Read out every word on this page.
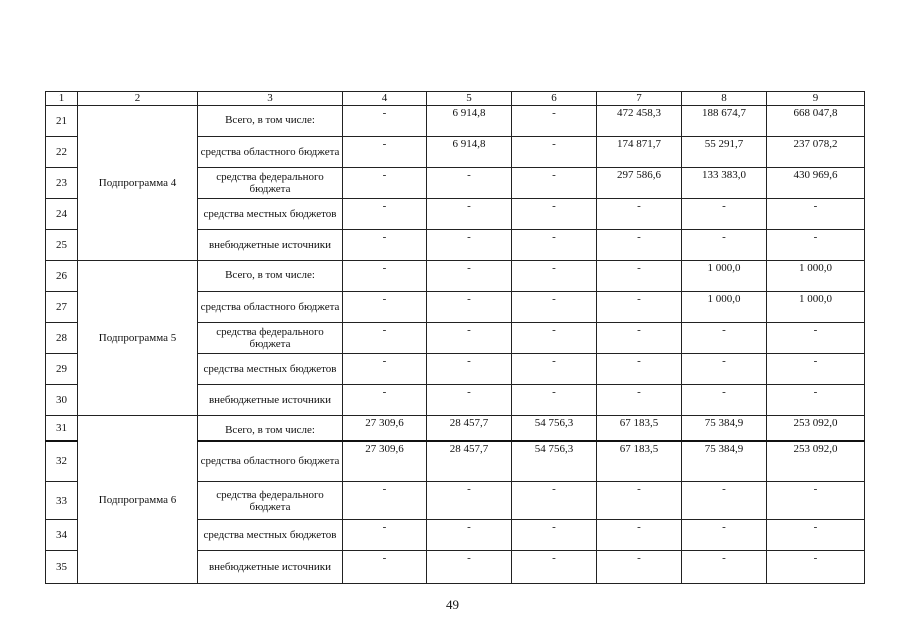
1	2	3	4	5	6	7	8	9
21	Подпрограмма 4	Всего, в том числе:	-	6 914,8	-	472 458,3	188 674,7	668 047,8
22		средства областного бюджета	-	6 914,8	-	174 871,7	55 291,7	237 078,2
23		средства федерального бюджета	-	-	-	297 586,6	133 383,0	430 969,6
24		средства местных бюджетов	-	-	-	-	-	-
25		внебюджетные источники	-	-	-	-	-	-
26	Подпрограмма 5	Всего, в том числе:	-	-	-	-	1 000,0	1 000,0
27		средства областного бюджета	-	-	-	-	1 000,0	1 000,0
28		средства федерального бюджета	-	-	-	-	-	-
29		средства местных бюджетов	-	-	-	-	-	-
30		внебюджетные источники	-	-	-	-	-	-
31	Подпрограмма 6	Всего, в том числе:	27 309,6	28 457,7	54 756,3	67 183,5	75 384,9	253 092,0
32		средства областного бюджета	27 309,6	28 457,7	54 756,3	67 183,5	75 384,9	253 092,0
33		средства федерального бюджета	-	-	-	-	-	-
34		средства местных бюджетов	-	-	-	-	-	-
35		внебюджетные источники	-	-	-	-	-	-
49
